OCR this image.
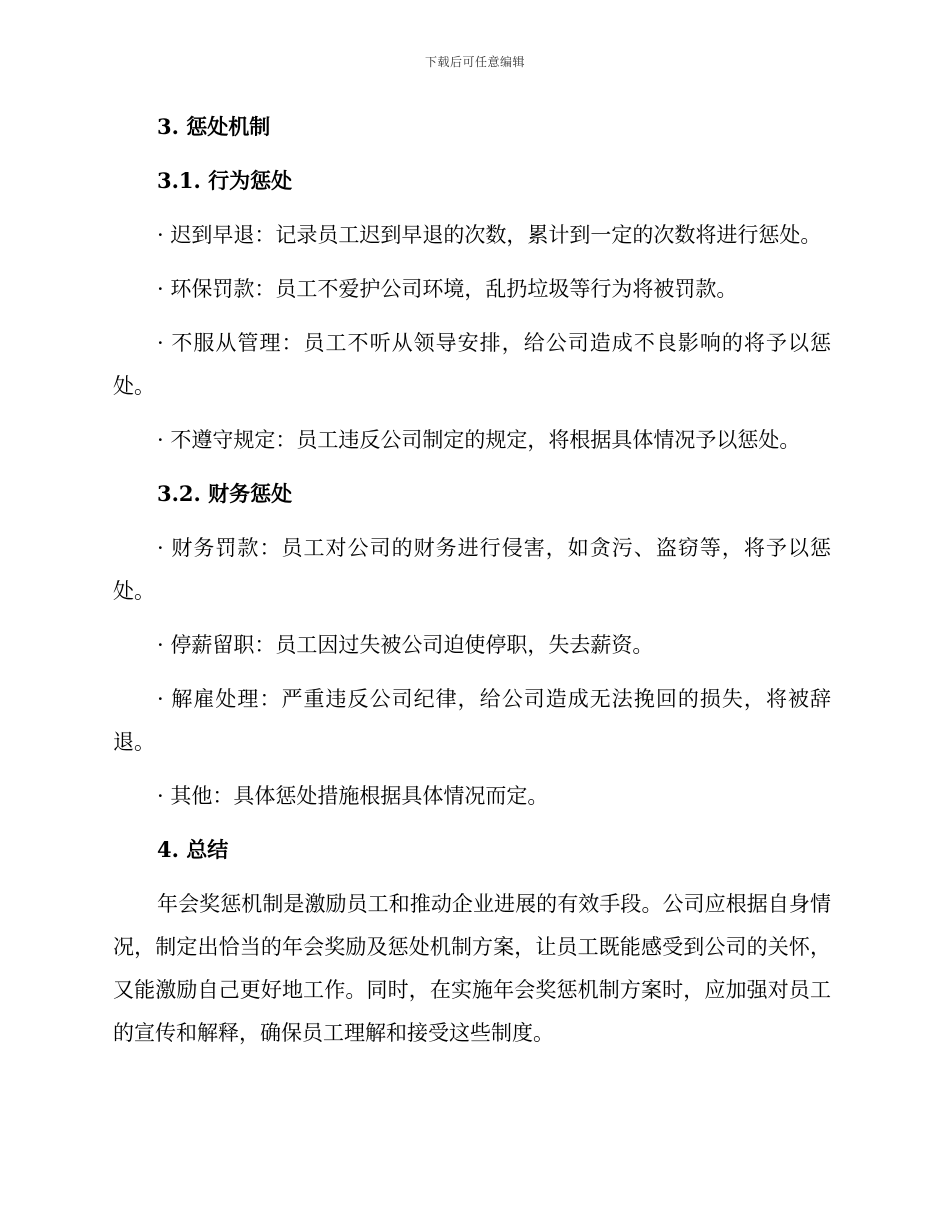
下载后可任意编辑
3. 惩处机制
3.1. 行为惩处

· 迟到早退：记录员工迟到早退的次数，累计到一定的次数将进行惩处。

· 环保罚款：员工不爱护公司环境，乱扔垃圾等行为将被罚款。

· 不服从管理：员工不听从领导安排，给公司造成不良影响的将予以惩处。

· 不遵守规定：员工违反公司制定的规定，将根据具体情况予以惩处。

3.2. 财务惩处

· 财务罚款：员工对公司的财务进行侵害，如贪污、盗窃等，将予以惩处。

· 停薪留职：员工因过失被公司迫使停职，失去薪资。

· 解雇处理：严重违反公司纪律，给公司造成无法挽回的损失，将被辞退。

· 其他：具体惩处措施根据具体情况而定。

4. 总结

年会奖惩机制是激励员工和推动企业进展的有效手段。公司应根据自身情况，制定出恰当的年会奖励及惩处机制方案，让员工既能感受到公司的关怀，又能激励自己更好地工作。同时，在实施年会奖惩机制方案时，应加强对员工的宣传和解释，确保员工理解和接受这些制度。
